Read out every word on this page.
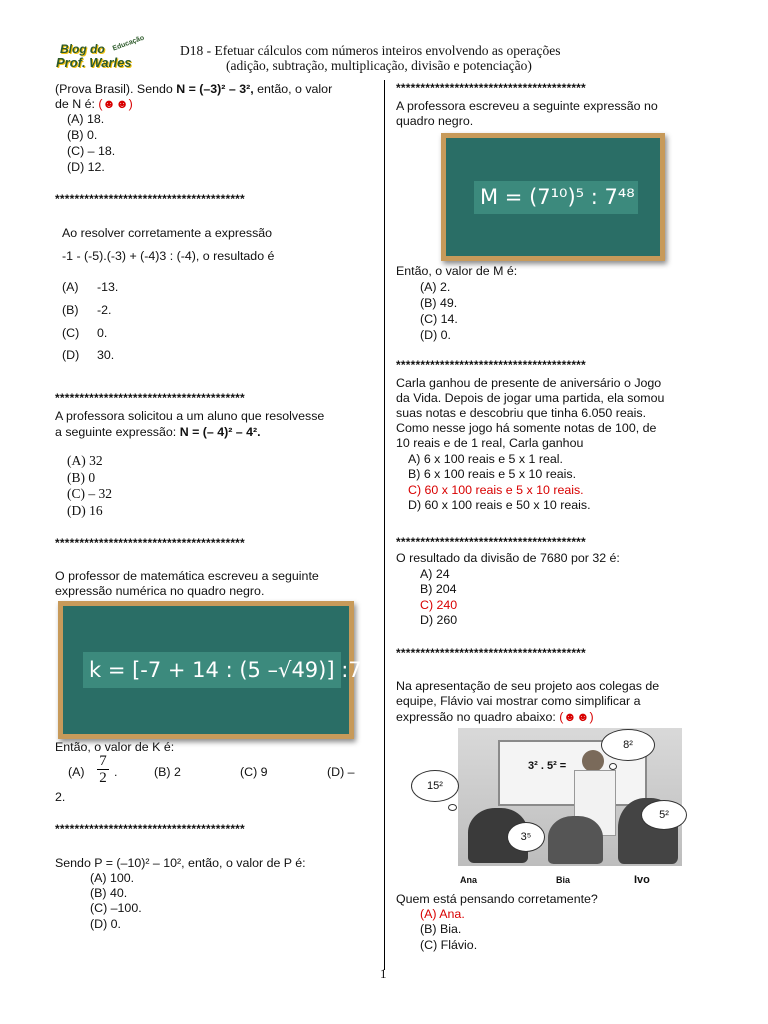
Blog do
Prof. Warles
Educação	D18 - Efetuar cálculos com números inteiros envolvendo as operações
(adição, subtração, multiplicação, divisão e potenciação)
(Prova Brasil). Sendo N = (–3)² – 3², então, o valor
de N é: (☻☻)
(A) 18.
(B) 0.
(C) – 18.
(D) 12.
***************************************
Ao resolver corretamente a expressão
-1 - (-5).(-3) + (-4)3 : (-4), o resultado é
(A) -13.
(B) -2.
(C) 0.
(D) 30.
***************************************
A professora solicitou a um aluno que resolvesse
a seguinte expressão: N = (– 4)² – 4².
(A) 32
(B) 0
(C) – 32
(D) 16
***************************************
O professor de matemática escreveu a seguinte
expressão numérica no quadro negro.
k = [-7 + 14 : (5 –√49)] :7
Então, o valor de K é:
$(A) \frac{7}{2}$ .	(B) 2	(C) 9	(D) –
2.
***************************************
Sendo P = (–10)² – 10², então, o valor de P é:
(A) 100.
(B) 40.
(C) –100.
(D) 0.
***************************************
A professora escreveu a seguinte expressão no
quadro negro.
M = (7¹⁰)⁵ : 7⁴⁸
Então, o valor de M é:
(A) 2.
(B) 49.
(C) 14.
(D) 0.
***************************************
Carla ganhou de presente de aniversário o Jogo
da Vida. Depois de jogar uma partida, ela somou
suas notas e descobriu que tinha 6.050 reais.
Como nesse jogo há somente notas de 100, de
10 reais e de 1 real, Carla ganhou
A) 6 x 100 reais e 5 x 1 real.
B) 6 x 100 reais e 5 x 10 reais.
C) 60 x 100 reais e 5 x 10 reais.
D) 60 x 100 reais e 50 x 10 reais.
***************************************
O resultado da divisão de 7680 por 32 é:
A) 24
B) 204
C) 240
D) 260
***************************************
Na apresentação de seu projeto aos colegas de
equipe, Flávio vai mostrar como simplificar a
expressão no quadro abaixo: (☻☻)
3² . 5² =
15²
3⁵
8²
5²
Ana	Bia	Ivo
Quem está pensando corretamente?
(A) Ana.
(B) Bia.
(C) Flávio.
1
